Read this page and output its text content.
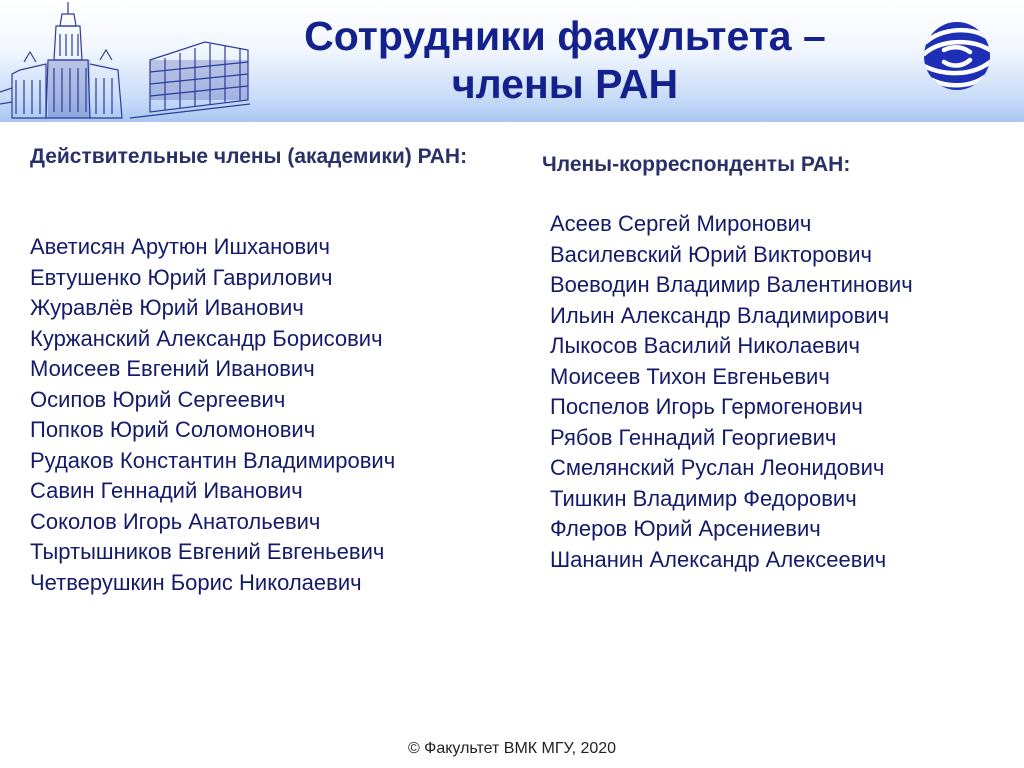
Сотрудники факультета –
члены РАН
Действительные члены (академики) РАН:
Аветисян Арутюн Ишханович
Евтушенко Юрий Гаврилович
Журавлёв Юрий Иванович
Куржанский Александр Борисович
Моисеев Евгений Иванович
Осипов Юрий Сергеевич
Попков Юрий Соломонович
Рудаков Константин Владимирович
Савин Геннадий Иванович
Соколов Игорь Анатольевич
Тыртышников Евгений Евгеньевич
Четверушкин Борис Николаевич
Члены-корреспонденты РАН:
Асеев Сергей Миронович
Василевский Юрий Викторович
Воеводин Владимир Валентинович
Ильин Александр Владимирович
Лыкосов Василий Николаевич
Моисеев Тихон Евгеньевич
Поспелов Игорь Гермогенович
Рябов Геннадий Георгиевич
Смелянский Руслан Леонидович
Тишкин Владимир Федорович
Флеров Юрий Арсениевич
Шананин Александр Алексеевич

© Факультет ВМК МГУ, 2020
